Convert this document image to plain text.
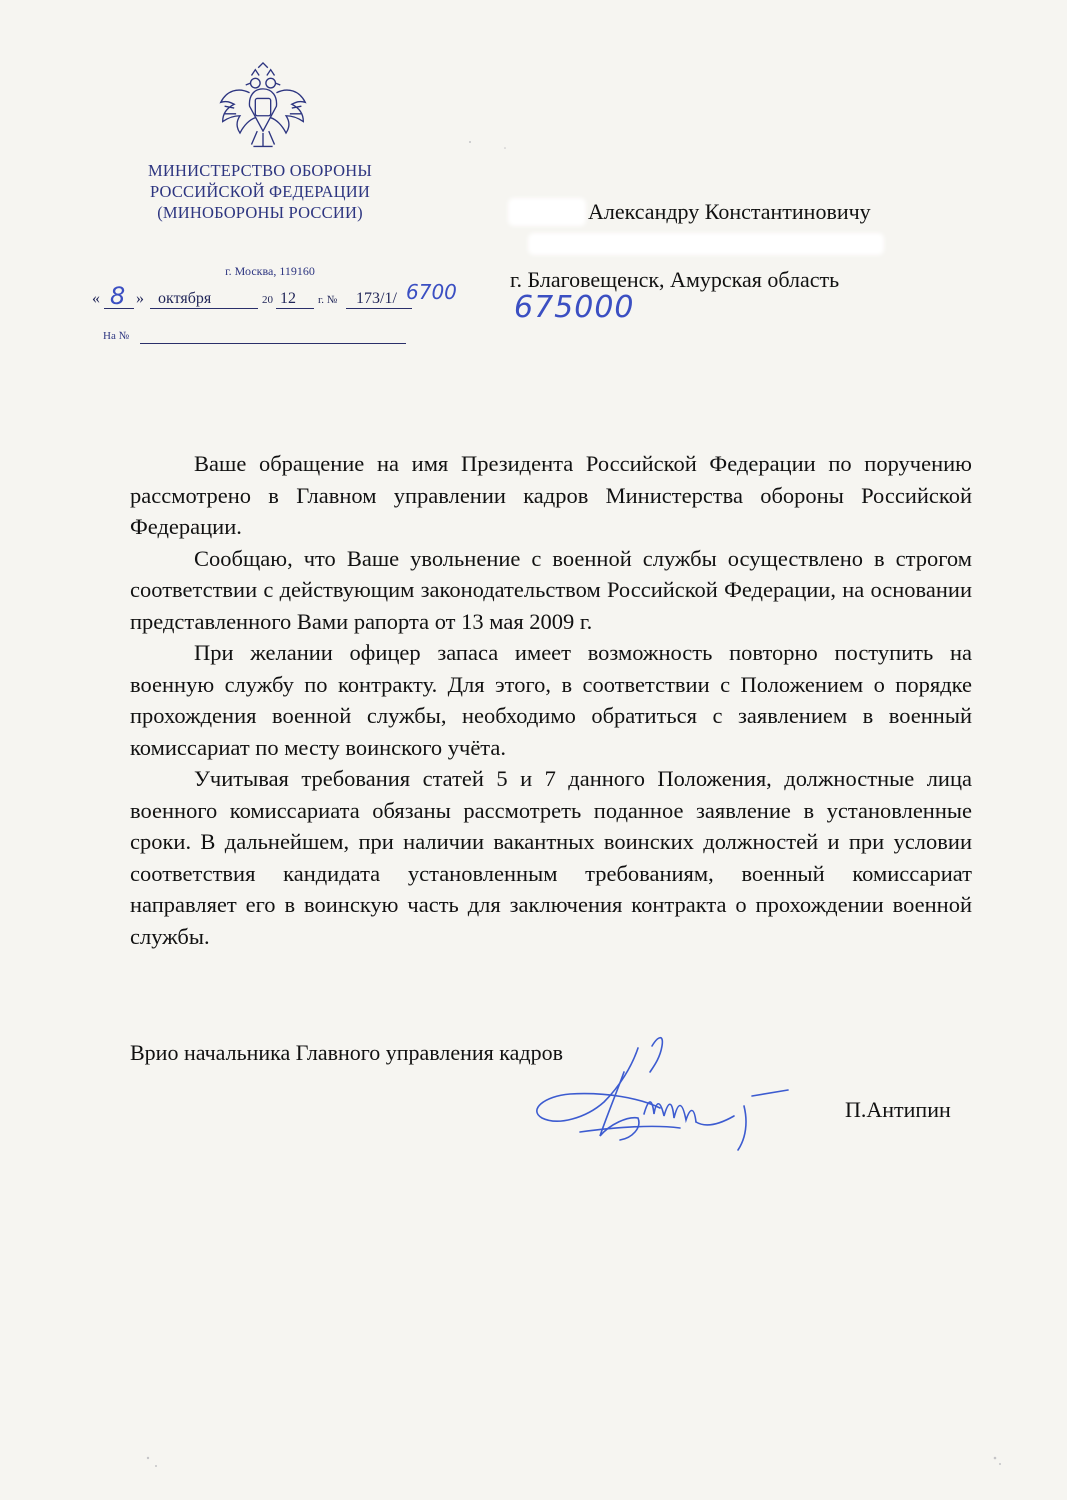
МИНИСТЕРСТВО ОБОРОНЫ
РОССИЙСКОЙ ФЕДЕРАЦИИ
(МИНОБОРОНЫ РОССИИ)
г. Москва, 119160
« 8 » октября	20 12 г. № 173/1/ 6700
На №
Александру Константиновичу
г. Благовещенск, Амурская область
675000

Ваше обращение на имя Президента Российской Федерации по поручению рассмотрено в Главном управлении кадров Министерства обороны Российской Федерации.

Сообщаю, что Ваше увольнение с военной службы осуществлено в строгом соответствии с действующим законодательством Российской Федерации, на основании представленного Вами рапорта от 13 мая 2009 г.

При желании офицер запаса имеет возможность повторно поступить на военную службу по контракту. Для этого, в соответствии с Положением о порядке прохождения военной службы, необходимо обратиться с заявлением в военный комиссариат по месту воинского учёта.

Учитывая требования статей 5 и 7 данного Положения, должностные лица военного комиссариата обязаны рассмотреть поданное заявление в установленные сроки. В дальнейшем, при наличии вакантных воинских должностей и при условии соответствия кандидата установленным требованиям, военный комиссариат направляет его в воинскую часть для заключения контракта о прохождении военной службы.

Врио начальника Главного управления кадров
П.Антипин
